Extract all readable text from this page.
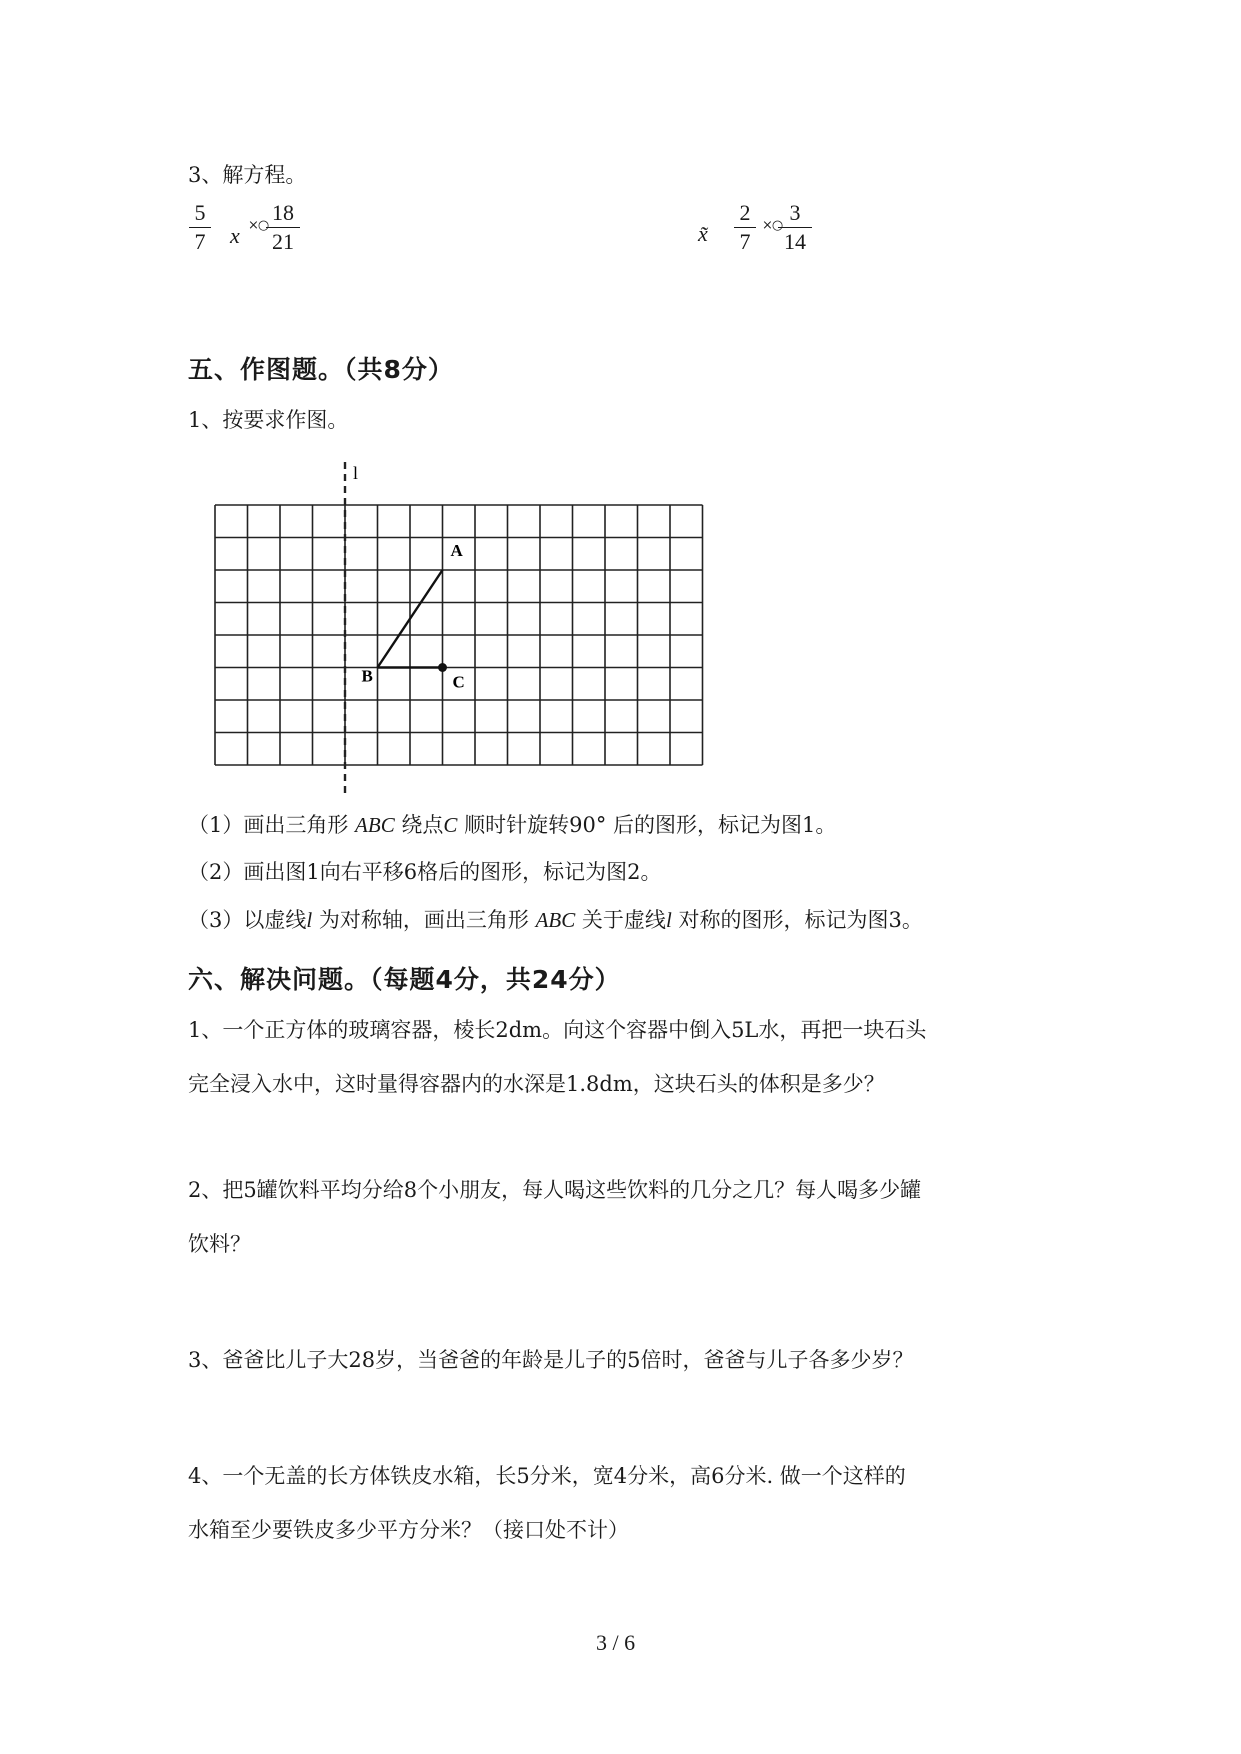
3、解方程。
5
7 x ×○
18
21	x̃
2
7
×○
3
14
五、作图题。（共8分）
1、按要求作图。
l
A
B	C
（1）画出三角形 ABC 绕点C 顺时针旋转90° 后的图形，标记为图1。
（2）画出图1向右平移6格后的图形，标记为图2。
（3）以虚线l 为对称轴，画出三角形 ABC 关于虚线l 对称的图形，标记为图3。
六、解决问题。（每题4分，共24分）
1、一个正方体的玻璃容器，棱长2dm。向这个容器中倒入5L水，再把一块石头
完全浸入水中，这时量得容器内的水深是1.8dm，这块石头的体积是多少？
2、把5罐饮料平均分给8个小朋友，每人喝这些饮料的几分之几？每人喝多少罐
饮料？
3、爸爸比儿子大28岁，当爸爸的年龄是儿子的5倍时，爸爸与儿子各多少岁？
4、一个无盖的长方体铁皮水箱，长5分米，宽4分米，高6分米. 做一个这样的
水箱至少要铁皮多少平方分米？（接口处不计）
3 / 6
